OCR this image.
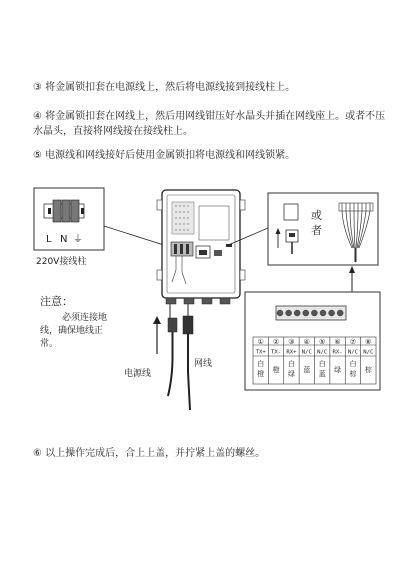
③ 将金属锁扣套在电源线上，然后将电源线接到接线柱上。

④ 将金属锁扣套在网线上，然后用网线钳压好水晶头并插在网线座上。或者不压水晶头，直接将网线接在接线柱上。

⑤ 电源线和网线接好后使用金属锁扣将电源线和网线锁紧。

L N ⏚
220V接线柱
电源线
网线
注意：
必须连接地
线，确保地线正
常。
或
者
①
TX+
白橙
②
TX-
橙
③
RX+
白绿
④
N/C
蓝
⑤
N/C
白蓝
⑥
RX-
绿
⑦
N/C
白棕
⑧
N/C
棕

⑥ 以上操作完成后，合上上盖，并拧紧上盖的螺丝。
